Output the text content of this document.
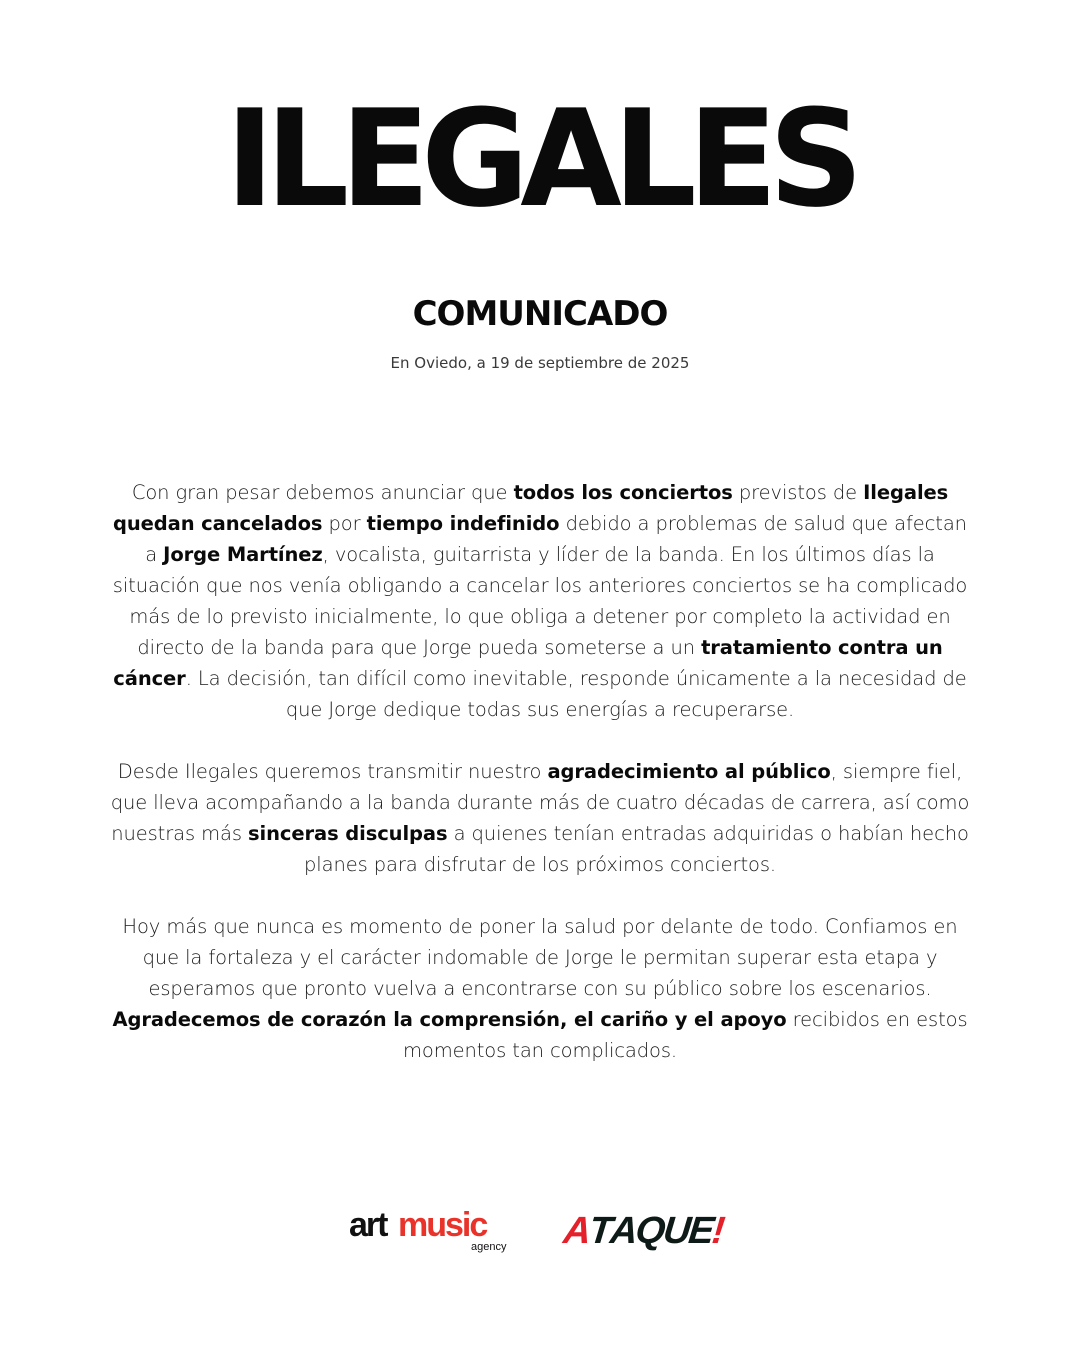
ILEGALES
COMUNICADO
En Oviedo, a 19 de septiembre de 2025

Con gran pesar debemos anunciar que todos los conciertos previstos de Ilegales quedan cancelados por tiempo indefinido debido a problemas de salud que afectan a Jorge Martínez, vocalista, guitarrista y líder de la banda. En los últimos días la situación que nos venía obligando a cancelar los anteriores conciertos se ha complicado más de lo previsto inicialmente, lo que obliga a detener por completo la actividad en directo de la banda para que Jorge pueda someterse a un tratamiento contra un cáncer. La decisión, tan difícil como inevitable, responde únicamente a la necesidad de que Jorge dedique todas sus energías a recuperarse.

Desde Ilegales queremos transmitir nuestro agradecimiento al público, siempre fiel, que lleva acompañando a la banda durante más de cuatro décadas de carrera, así como nuestras más sinceras disculpas a quienes tenían entradas adquiridas o habían hecho planes para disfrutar de los próximos conciertos.

Hoy más que nunca es momento de poner la salud por delante de todo. Confiamos en que la fortaleza y el carácter indomable de Jorge le permitan superar esta etapa y esperamos que pronto vuelva a encontrarse con su público sobre los escenarios. Agradecemos de corazón la comprensión, el cariño y el apoyo recibidos en estos momentos tan complicados.

art music
agency ATAQUE!
